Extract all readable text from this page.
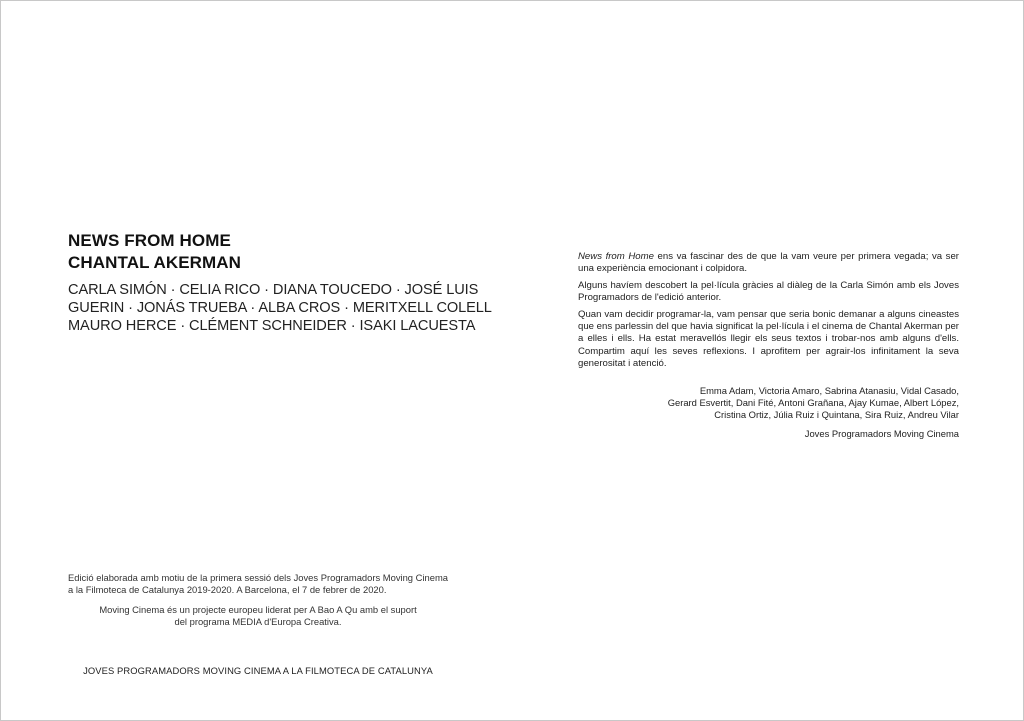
NEWS FROM HOME
CHANTAL AKERMAN
CARLA SIMÓN · CELIA RICO · DIANA TOUCEDO · JOSÉ LUIS
GUERIN · JONÁS TRUEBA · ALBA CROS · MERITXELL COLELL
MAURO HERCE · CLÉMENT SCHNEIDER · ISAKI LACUESTA
Edició elaborada amb motiu de la primera sessió dels Joves Programadors Moving Cinema a la Filmoteca de Catalunya 2019-2020. A Barcelona, el 7 de febrer de 2020.
Moving Cinema és un projecte europeu liderat per A Bao A Qu amb el suport
del programa MEDIA d'Europa Creativa.
JOVES PROGRAMADORS MOVING CINEMA A LA FILMOTECA DE CATALUNYA

News from Home ens va fascinar des de que la vam veure per primera vegada; va ser una experiència emocionant i colpidora.

Alguns havíem descobert la pel·lícula gràcies al diàleg de la Carla Simón amb els Joves Programadors de l'edició anterior.

Quan vam decidir programar-la, vam pensar que seria bonic demanar a alguns cineastes que ens parlessin del que havia significat la pel·lícula i el cinema de Chantal Akerman per a elles i ells. Ha estat meravellós llegir els seus textos i trobar-nos amb alguns d'ells. Compartim aquí les seves reflexions. I aprofitem per agrair-los infinitament la seva generositat i atenció.

Emma Adam, Victoria Amaro, Sabrina Atanasiu, Vidal Casado,
Gerard Esvertit, Dani Fité, Antoni Grañana, Ajay Kumae, Albert López,
Cristina Ortiz, Júlia Ruiz i Quintana, Sira Ruiz, Andreu Vilar
Joves Programadors Moving Cinema
